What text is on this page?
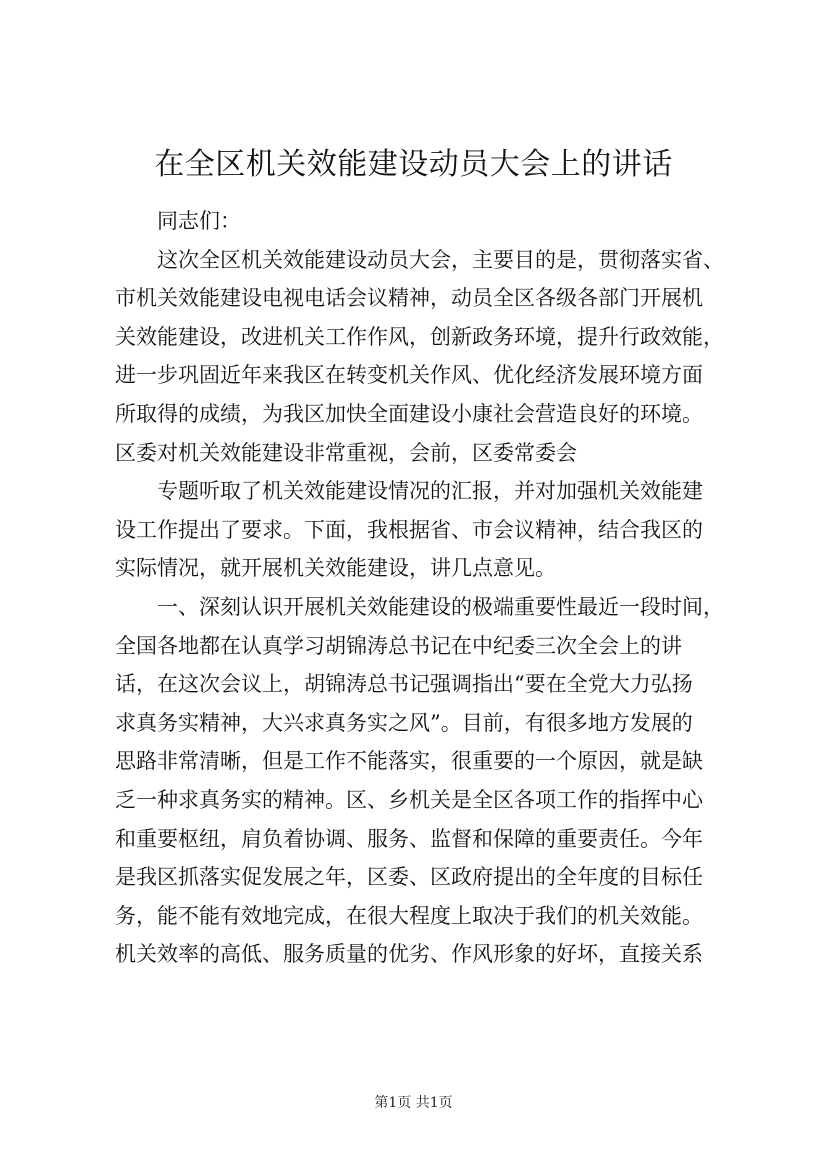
在全区机关效能建设动员大会上的讲话
同志们：
这次全区机关效能建设动员大会，主要目的是，贯彻落实省、
市机关效能建设电视电话会议精神，动员全区各级各部门开展机
关效能建设，改进机关工作作风，创新政务环境，提升行政效能，
进一步巩固近年来我区在转变机关作风、优化经济发展环境方面
所取得的成绩，为我区加快全面建设小康社会营造良好的环境。
区委对机关效能建设非常重视，会前，区委常委会
专题听取了机关效能建设情况的汇报，并对加强机关效能建
设工作提出了要求。下面，我根据省、市会议精神，结合我区的
实际情况，就开展机关效能建设，讲几点意见。
一、深刻认识开展机关效能建设的极端重要性最近一段时间，
全国各地都在认真学习胡锦涛总书记在中纪委三次全会上的讲
话，在这次会议上，胡锦涛总书记强调指出“要在全党大力弘扬
求真务实精神，大兴求真务实之风”。目前，有很多地方发展的
思路非常清晰，但是工作不能落实，很重要的一个原因，就是缺
乏一种求真务实的精神。区、乡机关是全区各项工作的指挥中心
和重要枢纽，肩负着协调、服务、监督和保障的重要责任。今年
是我区抓落实促发展之年，区委、区政府提出的全年度的目标任
务，能不能有效地完成，在很大程度上取决于我们的机关效能。
机关效率的高低、服务质量的优劣、作风形象的好坏，直接关系
第1页 共1页
